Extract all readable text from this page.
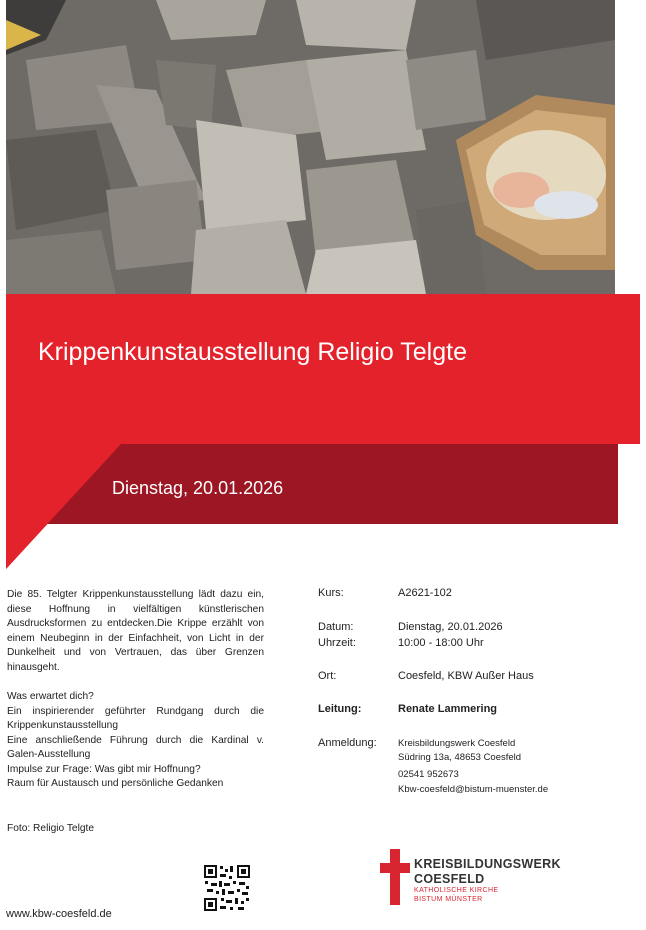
Krippenkunstausstellung Religio Telgte
Dienstag, 20.01.2026

Die 85. Telgter Krippenkunstausstellung lädt dazu ein, diese Hoffnung in vielfältigen künstlerischen Ausdrucksformen zu entdecken.Die Krippe erzählt von einem Neubeginn in der Einfachheit, von Licht in der Dunkelheit und von Vertrauen, das über Grenzen hinausgeht.

Was erwartet dich?

Ein inspirierender geführter Rundgang durch die Krippenkunstausstellung

Eine anschließende Führung durch die Kardinal v. Galen-Ausstellung

Impulse zur Frage: Was gibt mir Hoffnung?

Raum für Austausch und persönliche Gedanken

Foto: Religio Telgte
Kurs:	A2621-102
Datum:	Dienstag, 20.01.2026
Uhrzeit:	10:00 - 18:00 Uhr
Ort:	Coesfeld, KBW Außer Haus
Leitung:	Renate Lammering
Anmeldung: Kreisbildungswerk Coesfeld
Südring 13a, 48653 Coesfeld
02541 952673
Kbw-coesfeld@bistum-muenster.de
KREISBILDUNGSWERK
COESFELD
KATHOLISCHE KIRCHE
BISTUM MÜNSTER
www.kbw-coesfeld.de
